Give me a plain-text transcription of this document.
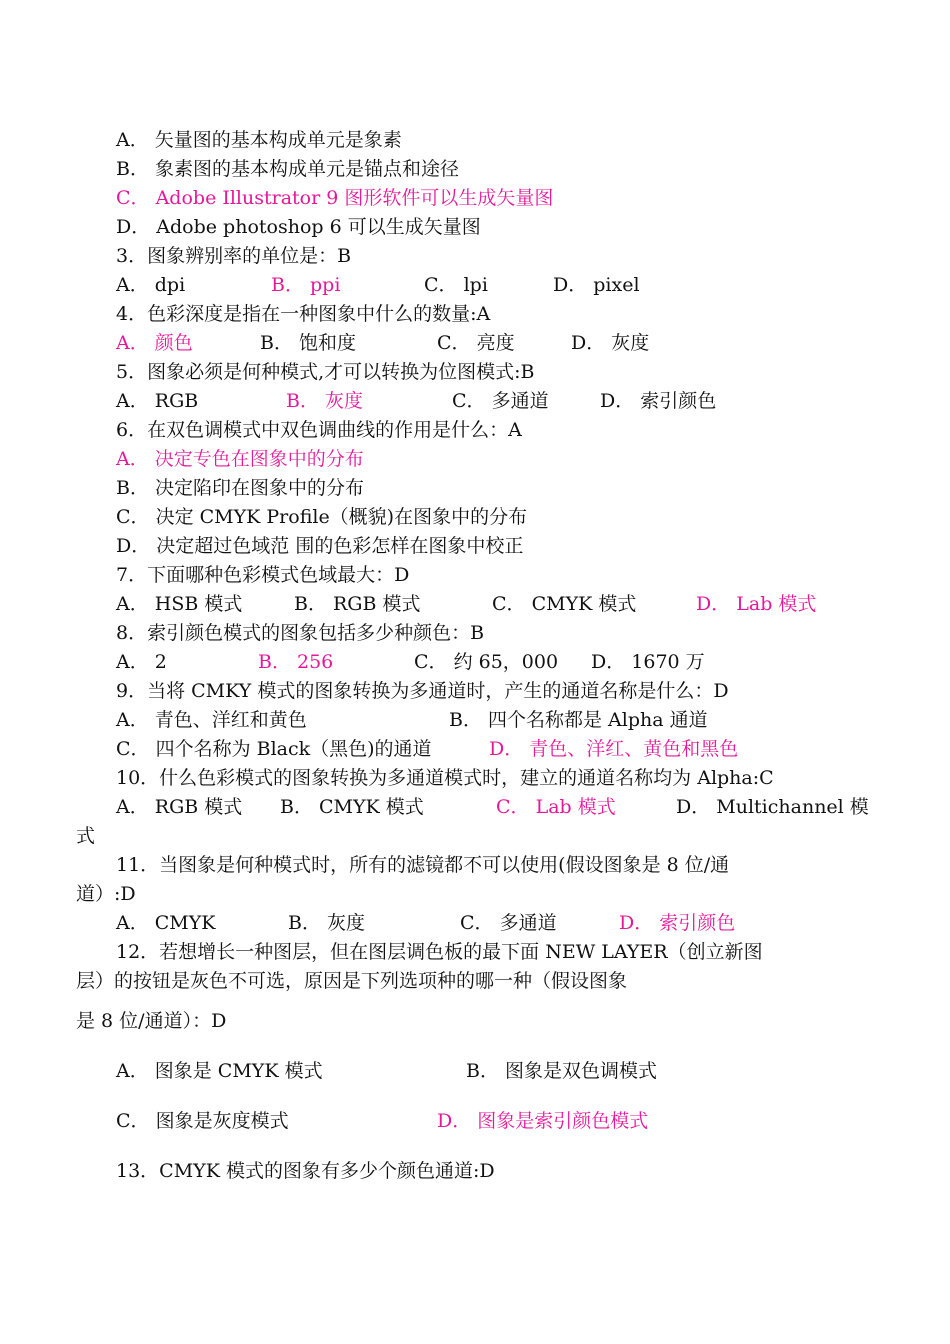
A． 矢量图的基本构成单元是象素
B． 象素图的基本构成单元是锚点和途径
C． Adobe Illustrator 9 图形软件可以生成矢量图
D． Adobe photoshop 6 可以生成矢量图
3．图象辨别率的单位是：B

A． dpi

	B． ppi

	C． lpi

	D． pixel

4．色彩深度是指在一种图象中什么的数量:A

A． 颜色

	B． 饱和度

	C． 亮度

	D． 灰度

5．图象必须是何种模式,才可以转换为位图模式:B

A． RGB

	B． 灰度

	C． 多通道

	D． 索引颜色

6．在双色调模式中双色调曲线的作用是什么：A
A． 决定专色在图象中的分布
B． 决定陷印在图象中的分布
C． 决定 CMYK Profile（概貌)在图象中的分布
D． 决定超过色域范 围的色彩怎样在图象中校正
7．下面哪种色彩模式色域最大：D

A． HSB 模式

	B． RGB 模式

	C． CMYK 模式

	D． Lab 模式

8．索引颜色模式的图象包括多少种颜色：B

A． 2

	B． 256

	C． 约 65，000

D． 1670 万

9．当将 CMKY 模式的图象转换为多通道时，产生的通道名称是什么：D

A． 青色、洋红和黄色

	B． 四个名称都是 Alpha 通道

C． 四个名称为 Black（黑色)的通道

	D． 青色、洋红、黄色和黑色

10．什么色彩模式的图象转换为多通道模式时，建立的通道名称均为 Alpha:C

A． RGB 模式

B． CMYK 模式

	C． Lab 模式

	D． Multichannel 模

式
11．当图象是何种模式时，所有的滤镜都不可以使用(假设图象是 8 位/通
道）:D

A． CMYK

	B． 灰度

	C． 多通道

	D． 索引颜色

12．若想增长一种图层，但在图层调色板的最下面 NEW LAYER（创立新图
层）的按钮是灰色不可选，原因是下列选项种的哪一种（假设图象
是 8 位/通道）：D

A． 图象是 CMYK 模式

	B． 图象是双色调模式

C． 图象是灰度模式

	D． 图象是索引颜色模式

13．CMYK 模式的图象有多少个颜色通道:D
